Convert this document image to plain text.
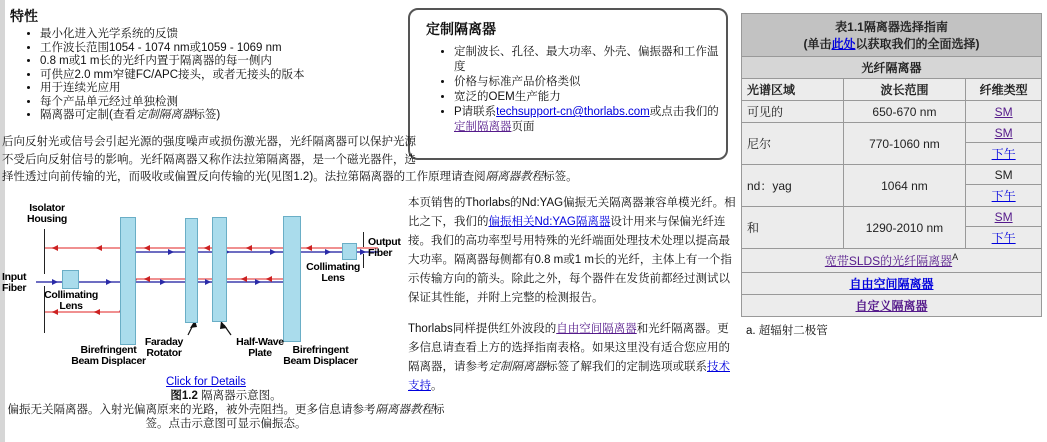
特性
• 最小化进入光学系统的反馈
• 工作波长范围1054 - 1074 nm或1059 - 1069 nm
• 0.8 m或1 m长的光纤内置于隔离器的每一侧内
• 可供应2.0 mm窄键FC/APC接头，或者无接头的版本
• 用于连续光应用
• 每个产品单元经过单独检测
• 隔离器可定制(查看定制隔离器标签)
定制隔离器
• 定制波长、孔径、最大功率、外壳、偏振器和工作温度
• 价格与标准产品价格类似
• 宽泛的OEM生产能力
• P请联系techsupport-cn@thorlabs.com或点击我们的定制隔离器页面
后向反射光或信号会引起光源的强度噪声或损伤激光器，光纤隔离器可以保护光源
不受后向反射信号的影响。光纤隔离器又称作法拉第隔离器，是一个磁光器件，选
择性透过向前传输的光，而吸收或偏置反向传输的光(见图1.2)。法拉第隔离器的工作原理请查阅隔离器教程标签。

本页销售的Thorlabs的Nd:YAG偏振无关隔离器兼容单模光纤。相比之下，我们的偏振相关Nd:YAG隔离器设计用来与保偏光纤连接。我们的高功率型号用特殊的光纤端面处理技术处理以提高最大功率。隔离器每侧都有0.8 m或1 m长的光纤，主体上有一个指示传输方向的箭头。除此之外，每个器件在发货前都经过测试以保证其性能，并附上完整的检测报告。

Thorlabs同样提供红外波段的自由空间隔离器和光纤隔离器。更多信息请查看上方的选择指南表格。如果这里没有适合您应用的隔离器，请参考定制隔离器标签了解我们的定制选项或联系技术支持。

表1.1隔离器选择指南
(单击此处以获取我们的全面选择)		

光纤隔离器		
光谱区域	波长范围	纤维类型
可见的	650-670 nm	SM
尼尔	770-1060 nm	SM
		下午
nd：yag	1064 nm	SM
		下午
和	1290-2010 nm	SM
		下午
宽带SLDS的光纤隔离器$^A$
自由空间隔离器		
自定义隔离器		
a. 超辐射二极管
Isolator
Housing
Input
Fiber
Collimating
Lens
Birefringent
Beam Displacer
Faraday
Rotator
Half-Wave
Plate	Birefringent
Beam Displacer
Collimating
Lens
Output
Fiber
Click for Details
图1.2 隔离器示意图。
偏振无关隔离器。入射光偏离原来的光路，被外壳阻挡。更多信息请参考隔离器教程标签。点击示意图可显示偏振态。
